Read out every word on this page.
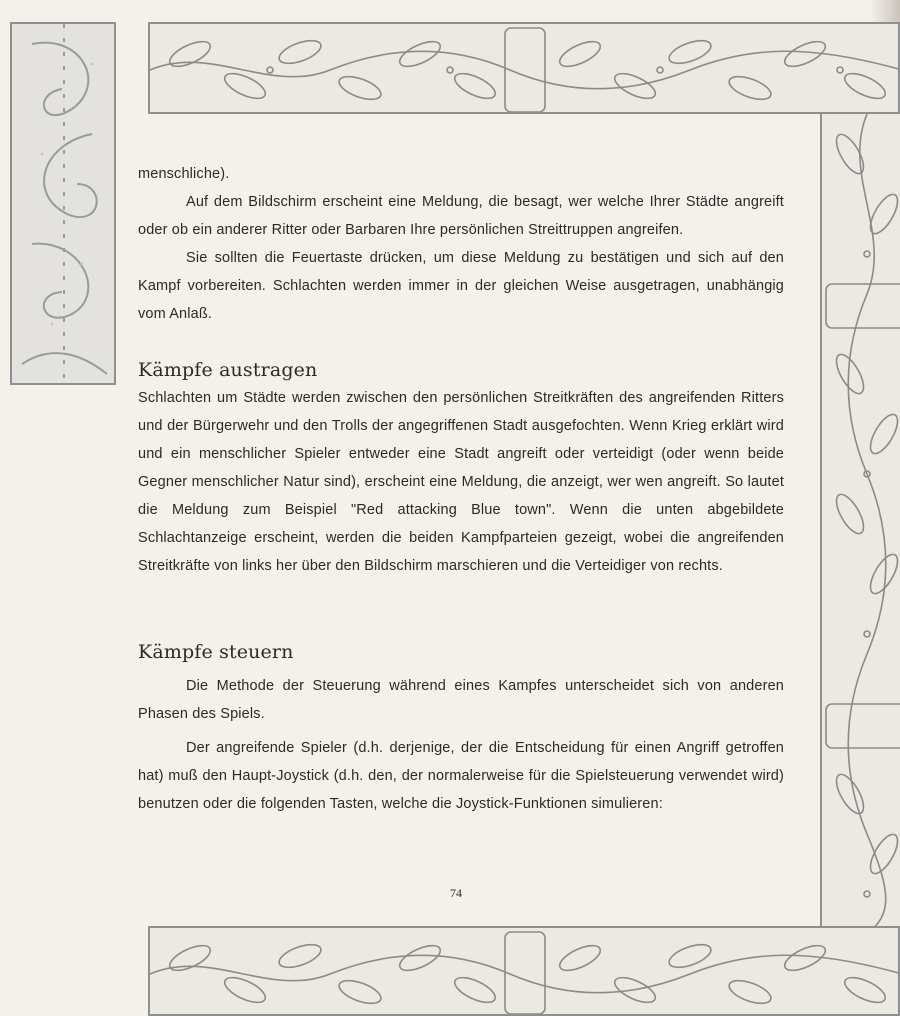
menschliche).

Auf dem Bildschirm erscheint eine Meldung, die besagt, wer welche Ihrer Städte angreift oder ob ein anderer Ritter oder Barbaren Ihre persönlichen Streittruppen angreifen.

Sie sollten die Feuertaste drücken, um diese Meldung zu bestätigen und sich auf den Kampf vorbereiten. Schlachten werden immer in der gleichen Weise ausgetragen, unabhängig vom Anlaß.

Kämpfe austragen

Schlachten um Städte werden zwischen den persönlichen Streitkräften des angreifenden Ritters und der Bürgerwehr und den Trolls der angegriffenen Stadt ausgefochten. Wenn Krieg erklärt wird und ein menschlicher Spieler entweder eine Stadt angreift oder verteidigt (oder wenn beide Gegner menschlicher Natur sind), erscheint eine Meldung, die anzeigt, wer wen angreift. So lautet die Meldung zum Beispiel "Red attacking Blue town". Wenn die unten abgebildete Schlachtanzeige erscheint, werden die beiden Kampfparteien gezeigt, wobei die angreifenden Streitkräfte von links her über den Bildschirm marschieren und die Verteidiger von rechts.

Kämpfe steuern

Die Methode der Steuerung während eines Kampfes unterscheidet sich von anderen Phasen des Spiels.

Der angreifende Spieler (d.h. derjenige, der die Entscheidung für einen Angriff getroffen hat) muß den Haupt-Joystick (d.h. den, der normalerweise für die Spielsteuerung verwendet wird) benutzen oder die folgenden Tasten, welche die Joystick-Funktionen simulieren:

74
